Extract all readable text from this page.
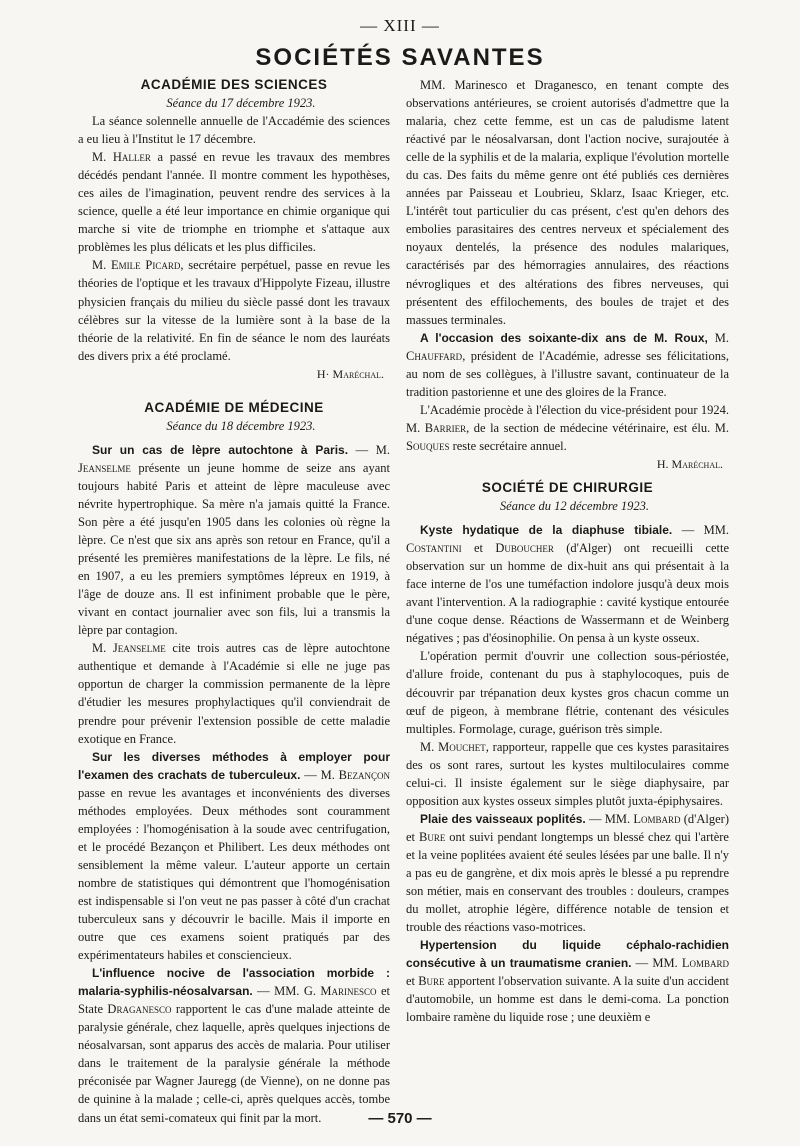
— XIII —
SOCIÉTÉS SAVANTES
ACADÉMIE DES SCIENCES

Séance du 17 décembre 1923.

La séance solennelle annuelle de l'Accadémie des sciences a eu lieu à l'Institut le 17 décembre.

M. Haller a passé en revue les travaux des membres décédés pendant l'année. Il montre comment les hypothèses, ces ailes de l'imagination, peuvent rendre des services à la science, quelle a été leur importance en chimie organique qui marche si vite de triomphe en triomphe et s'attaque aux problèmes les plus délicats et les plus difficiles.

M. Emile Picard, secrétaire perpétuel, passe en revue les théories de l'optique et les travaux d'Hippolyte Fizeau, illustre physicien français du milieu du siècle passé dont les travaux célèbres sur la vitesse de la lumière sont à la base de la théorie de la relativité. En fin de séance le nom des lauréats des divers prix a été proclamé.

H· Maréchal.

ACADÉMIE DE MÉDECINE

Séance du 18 décembre 1923.

Sur un cas de lèpre autochtone à Paris. — M. Jeanselme présente un jeune homme de seize ans ayant toujours habité Paris et atteint de lèpre maculeuse avec névrite hypertrophique. Sa mère n'a jamais quitté la France. Son père a été jusqu'en 1905 dans les colonies où règne la lèpre. Ce n'est que six ans après son retour en France, qu'il a présenté les premières manifestations de la lèpre. Le fils, né en 1907, a eu les premiers symptômes lépreux en 1919, à l'âge de douze ans. Il est infiniment probable que le père, vivant en contact journalier avec son fils, lui a transmis la lèpre par contagion.

M. Jeanselme cite trois autres cas de lèpre autochtone authentique et demande à l'Académie si elle ne juge pas opportun de charger la commission permanente de la lèpre d'étudier les mesures prophylactiques qu'il conviendrait de prendre pour prévenir l'extension possible de cette maladie exotique en France.

Sur les diverses méthodes à employer pour l'examen des crachats de tuberculeux. — M. Bezançon passe en revue les avantages et inconvénients des diverses méthodes employées. Deux méthodes sont couramment employées : l'homogénisation à la soude avec centrifugation, et le procédé Bezançon et Philibert. Les deux méthodes ont sensiblement la même valeur. L'auteur apporte un certain nombre de statistiques qui démontrent que l'homogénisation est indispensable si l'on veut ne pas passer à côté d'un crachat tuberculeux sans y découvrir le bacille. Mais il importe en outre que ces examens soient pratiqués par des expérimentateurs habiles et consciencieux.

L'influence nocive de l'association morbide : malaria-syphilis-néosalvarsan. — MM. G. Marinesco et State Draganesco rapportent le cas d'une malade atteinte de paralysie générale, chez laquelle, après quelques injections de néosalvarsan, sont apparus des accès de malaria. Pour utiliser dans le traitement de la paralysie générale la méthode préconisée par Wagner Jauregg (de Vienne), on ne donne pas de quinine à la malade ; celle-ci, après quelques accès, tombe dans un état semi-comateux qui finit par la mort.

MM. Marinesco et Draganesco, en tenant compte des observations antérieures, se croient autorisés d'admettre que la malaria, chez cette femme, est un cas de paludisme latent réactivé par le néosalvarsan, dont l'action nocive, surajoutée à celle de la syphilis et de la malaria, explique l'évolution mortelle du cas. Des faits du même genre ont été publiés ces dernières années par Paisseau et Loubrieu, Sklarz, Isaac Krieger, etc. L'intérêt tout particulier du cas présent, c'est qu'en dehors des embolies parasitaires des centres nerveux et spécialement des noyaux dentelés, la présence des nodules malariques, caractérisés par des hémorragies annulaires, des réactions névrogliques et des altérations des fibres nerveuses, qui présentent des effilochements, des boules de trajet et des massues terminales.

A l'occasion des soixante-dix ans de M. Roux, M. Chauffard, président de l'Académie, adresse ses félicitations, au nom de ses collègues, à l'illustre savant, continuateur de la tradition pastorienne et une des gloires de la France.

L'Académie procède à l'élection du vice-président pour 1924. M. Barrier, de la section de médecine vétérinaire, est élu. M. Souques reste secrétaire annuel.

H. Maréchal.

SOCIÉTÉ DE CHIRURGIE

Séance du 12 décembre 1923.

Kyste hydatique de la diaphuse tibiale. — MM. Costantini et Duboucher (d'Alger) ont recueilli cette observation sur un homme de dix-huit ans qui présentait à la face interne de l'os une tuméfaction indolore jusqu'à deux mois avant l'intervention. A la radiographie : cavité kystique entourée d'une coque dense. Réactions de Wassermann et de Weinberg négatives ; pas d'éosinophilie. On pensa à un kyste osseux.

L'opération permit d'ouvrir une collection sous-périostée, d'allure froide, contenant du pus à staphylocoques, puis de découvrir par trépanation deux kystes gros chacun comme un œuf de pigeon, à membrane flétrie, contenant des vésicules multiples. Formolage, curage, guérison très simple.

M. Mouchet, rapporteur, rappelle que ces kystes parasitaires des os sont rares, surtout les kystes multiloculaires comme celui-ci. Il insiste également sur le siège diaphysaire, par opposition aux kystes osseux simples plutôt juxta-épiphysaires.

Plaie des vaisseaux poplités. — MM. Lombard (d'Alger) et Bure ont suivi pendant longtemps un blessé chez qui l'artère et la veine poplitées avaient été seules lésées par une balle. Il n'y a pas eu de gangrène, et dix mois après le blessé a pu reprendre son métier, mais en conservant des troubles : douleurs, crampes du mollet, atrophie légère, différence notable de tension et trouble des réactions vaso-motrices.

Hypertension du liquide céphalo-rachidien consécutive à un traumatisme cranien. — MM. Lombard et Bure apportent l'observation suivante. A la suite d'un accident d'automobile, un homme est dans le demi-coma. La ponction lombaire ramène du liquide rose ; une deuxièm e

— 570 —
